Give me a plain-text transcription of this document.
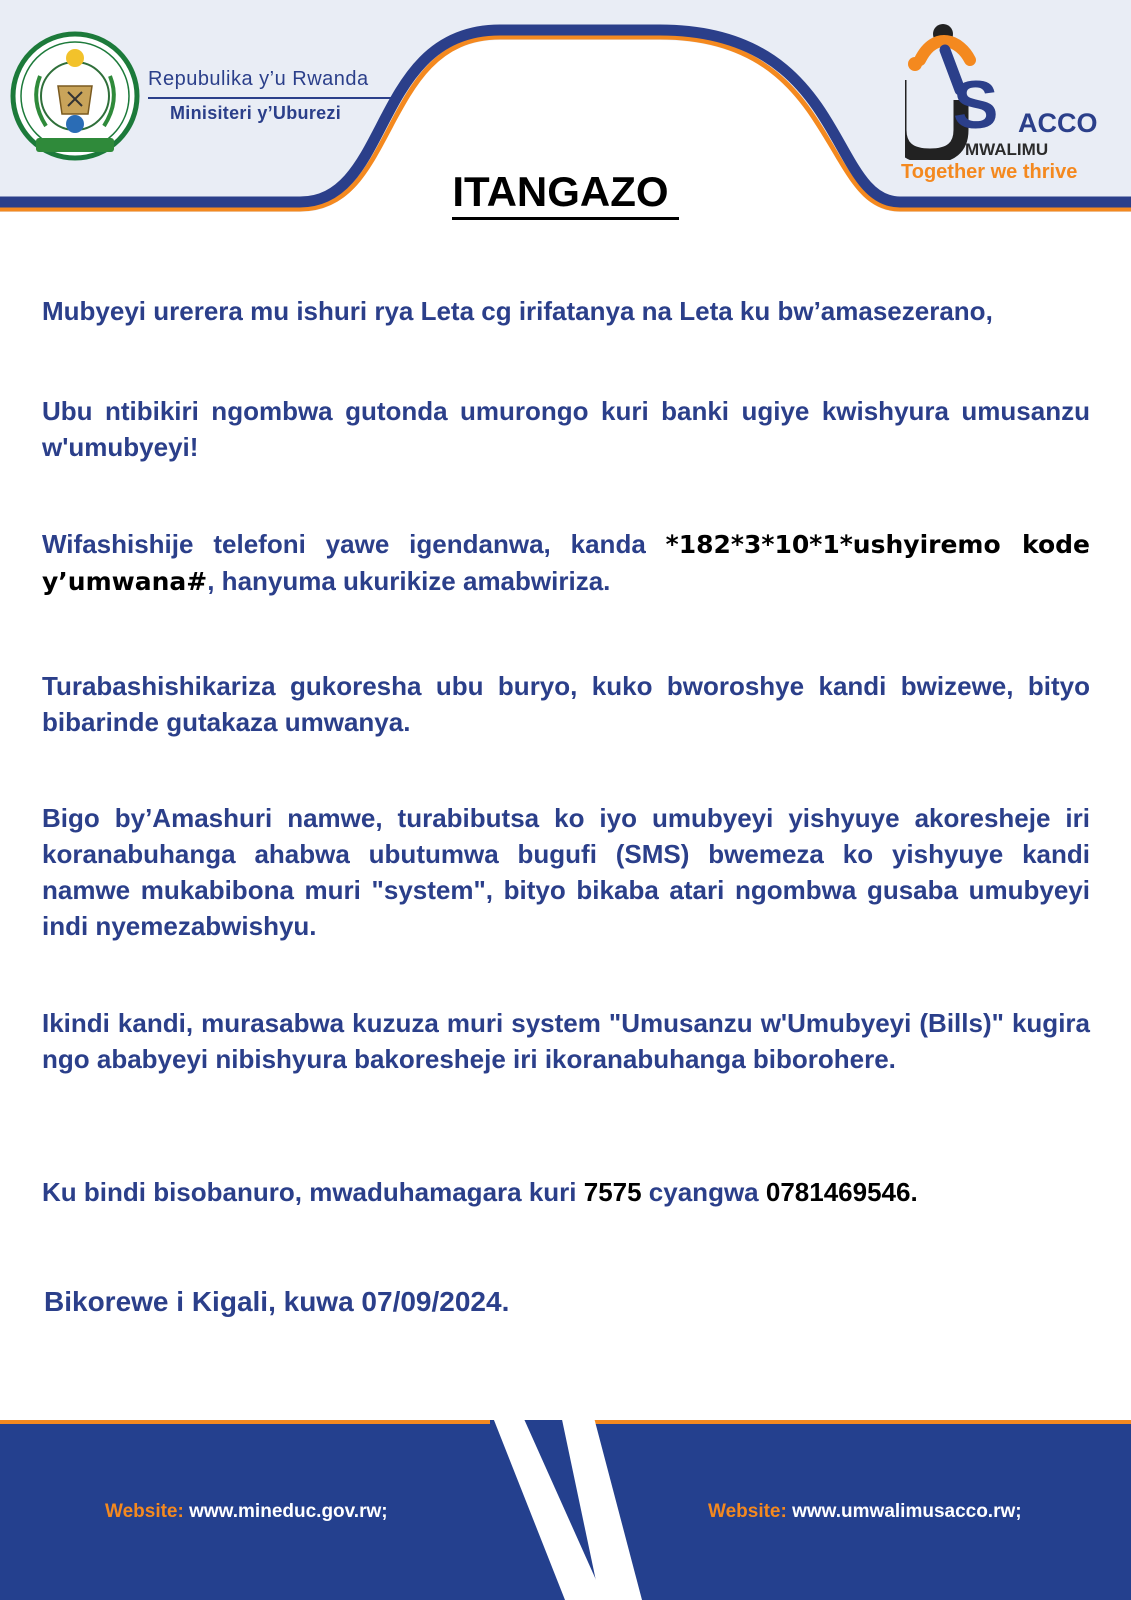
Repubulika y’u Rwanda
Minisiteri y’Uburezi	S ACCO
MWALIMU
Together we thrive
ITANGAZO

Mubyeyi urerera mu ishuri rya Leta cg irifatanya na Leta ku bw’amasezerano,

Ubu ntibikiri ngombwa gutonda umurongo kuri banki ugiye kwishyura umusanzu w'umubyeyi!

Wifashishije telefoni yawe igendanwa, kanda *182*3*10*1*ushyiremo kode y’umwana#, hanyuma ukurikize amabwiriza.

Turabashishikariza gukoresha ubu buryo, kuko bworoshye kandi bwizewe, bityo bibarinde gutakaza umwanya.

Bigo by’Amashuri namwe, turabibutsa ko iyo umubyeyi yishyuye akoresheje iri koranabuhanga ahabwa ubutumwa bugufi (SMS) bwemeza ko yishyuye kandi namwe mukabibona muri "system", bityo bikaba atari ngombwa gusaba umubyeyi indi nyemezabwishyu.

Ikindi kandi, murasabwa kuzuza muri system "Umusanzu w'Umubyeyi (Bills)" kugira ngo ababyeyi nibishyura bakoresheje iri ikoranabuhanga biborohere.

Ku bindi bisobanuro, mwaduhamagara kuri 7575 cyangwa 0781469546.

Bikorewe i Kigali, kuwa 07/09/2024.

Website: www.mineduc.gov.rw;	Website: www.umwalimusacco.rw;
